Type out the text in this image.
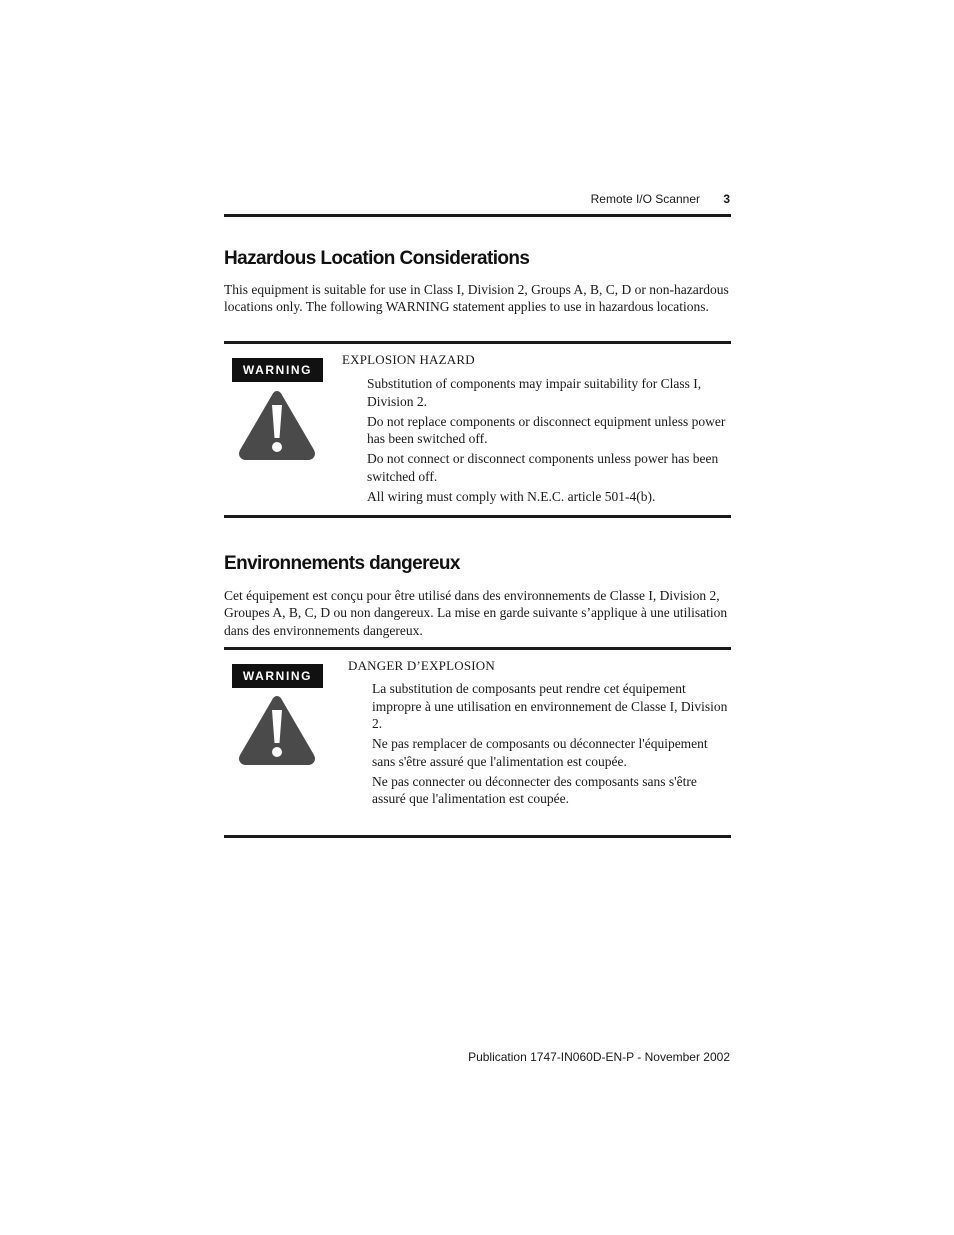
Remote I/O Scanner 3
Hazardous Location Considerations
This equipment is suitable for use in Class I, Division 2, Groups A, B, C, D or non-hazardous locations only. The following WARNING statement applies to use in hazardous locations.
WARNING
EXPLOSION HAZARD
Substitution of components may impair suitability for Class I, Division 2.
Do not replace components or disconnect equipment unless power has been switched off.
Do not connect or disconnect components unless power has been switched off.
All wiring must comply with N.E.C. article 501-4(b).
Environnements dangereux
Cet équipement est conçu pour être utilisé dans des environnements de Classe I, Division 2, Groupes A, B, C, D ou non dangereux. La mise en garde suivante s’applique à une utilisation dans des environnements dangereux.
WARNING
DANGER D’EXPLOSION
La substitution de composants peut rendre cet équipement impropre à une utilisation en environnement de Classe I, Division 2.
Ne pas remplacer de composants ou déconnecter l'équipement sans s'être assuré que l'alimentation est coupée.
Ne pas connecter ou déconnecter des composants sans s'être assuré que l'alimentation est coupée.
Publication 1747-IN060D-EN-P - November 2002
